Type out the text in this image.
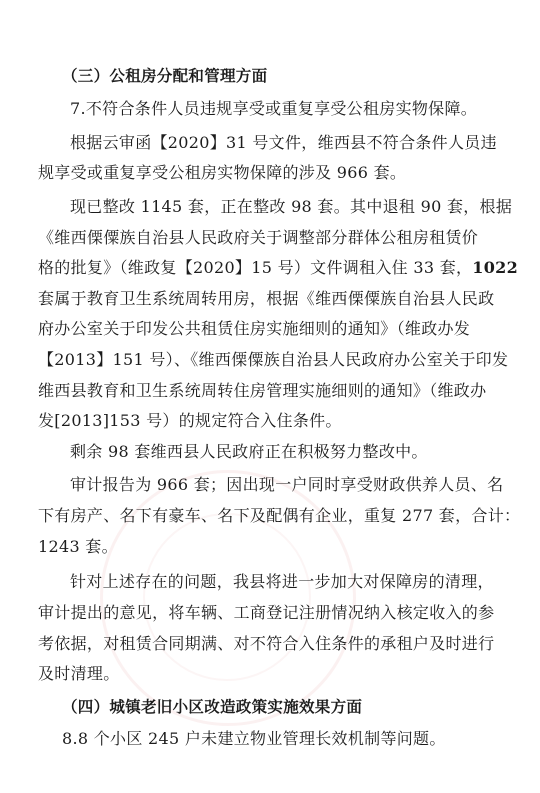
（三）公租房分配和管理方面
7.不符合条件人员违规享受或重复享受公租房实物保障。
根据云审函【2020】31 号文件，维西县不符合条件人员违
规享受或重复享受公租房实物保障的涉及 966 套。
现已整改 1145 套，正在整改 98 套。其中退租 90 套，根据
《维西傈僳族自治县人民政府关于调整部分群体公租房租赁价
格的批复》（维政复【2020】15 号）文件调租入住 33 套，1022
套属于教育卫生系统周转用房，根据《维西傈僳族自治县人民政
府办公室关于印发公共租赁住房实施细则的通知》（维政办发
【2013】151 号）、《维西傈僳族自治县人民政府办公室关于印发
维西县教育和卫生系统周转住房管理实施细则的通知》（维政办
发[2013]153 号）的规定符合入住条件。
剩余 98 套维西县人民政府正在积极努力整改中。
审计报告为 966 套；因出现一户同时享受财政供养人员、名
下有房产、名下有豪车、名下及配偶有企业，重复 277 套，合计：
1243 套。
针对上述存在的问题，我县将进一步加大对保障房的清理，
审计提出的意见，将车辆、工商登记注册情况纳入核定收入的参
考依据，对租赁合同期满、对不符合入住条件的承租户及时进行
及时清理。
（四）城镇老旧小区改造政策实施效果方面
8.8 个小区 245 户未建立物业管理长效机制等问题。
